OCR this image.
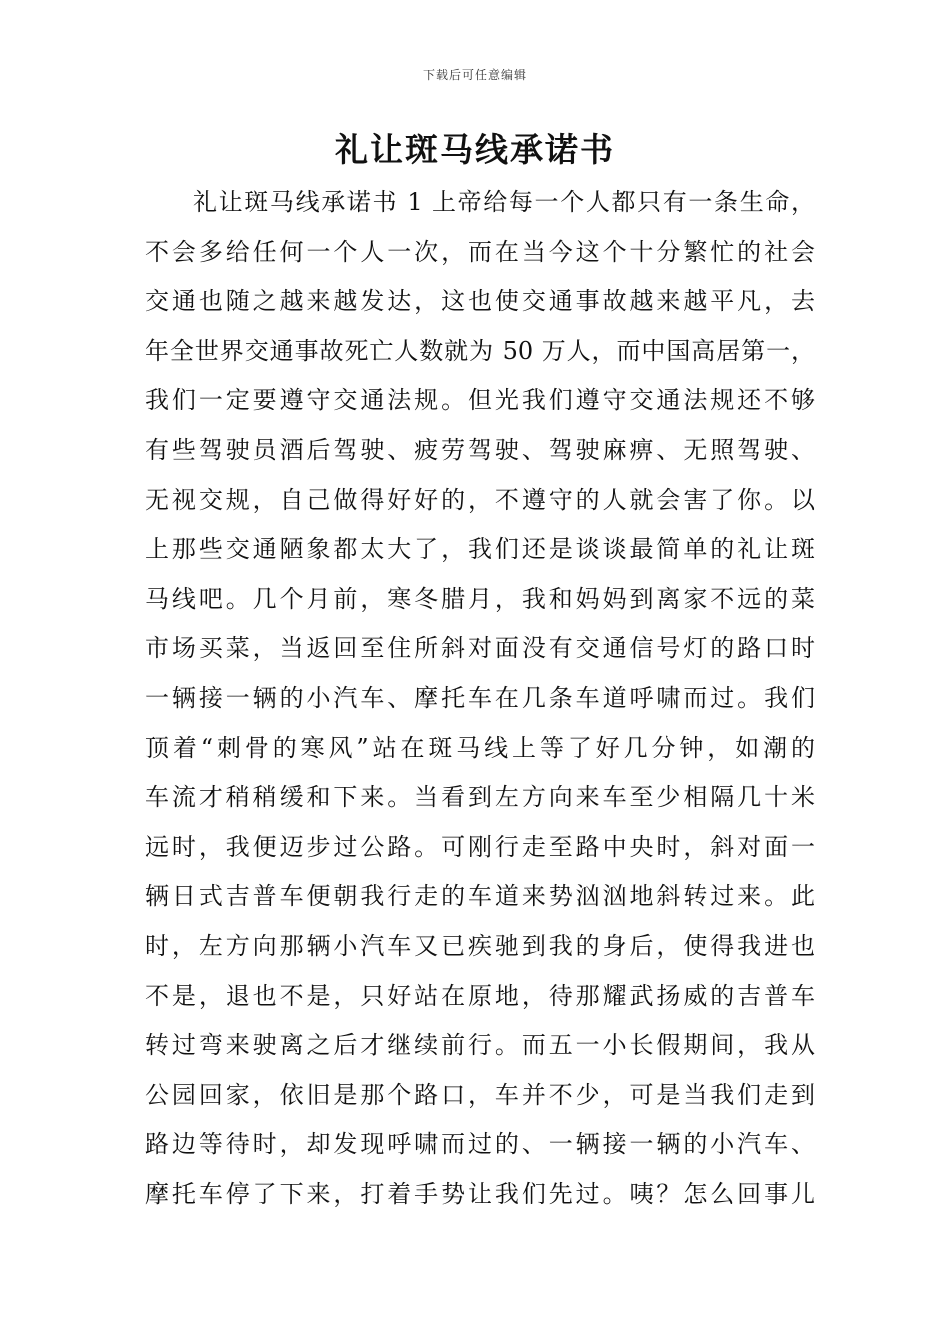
下载后可任意编辑
礼让斑马线承诺书
礼让斑马线承诺书 1 上帝给每一个人都只有一条生命，
不会多给任何一个人一次，而在当今这个十分繁忙的社会
交通也随之越来越发达，这也使交通事故越来越平凡，去
年全世界交通事故死亡人数就为 50 万人，而中国高居第一，
我们一定要遵守交通法规。但光我们遵守交通法规还不够
有些驾驶员酒后驾驶、疲劳驾驶、驾驶麻痹、无照驾驶、
无视交规，自己做得好好的，不遵守的人就会害了你。以
上那些交通陋象都太大了，我们还是谈谈最简单的礼让斑
马线吧。几个月前，寒冬腊月，我和妈妈到离家不远的菜
市场买菜，当返回至住所斜对面没有交通信号灯的路口时
一辆接一辆的小汽车、摩托车在几条车道呼啸而过。我们
顶着“刺骨的寒风”站在斑马线上等了好几分钟，如潮的
车流才稍稍缓和下来。当看到左方向来车至少相隔几十米
远时，我便迈步过公路。可刚行走至路中央时，斜对面一
辆日式吉普车便朝我行走的车道来势汹汹地斜转过来。此
时，左方向那辆小汽车又已疾驰到我的身后，使得我进也
不是，退也不是，只好站在原地，待那耀武扬威的吉普车
转过弯来驶离之后才继续前行。而五一小长假期间，我从
公园回家，依旧是那个路口，车并不少，可是当我们走到
路边等待时，却发现呼啸而过的、一辆接一辆的小汽车、
摩托车停了下来，打着手势让我们先过。咦？怎么回事儿
